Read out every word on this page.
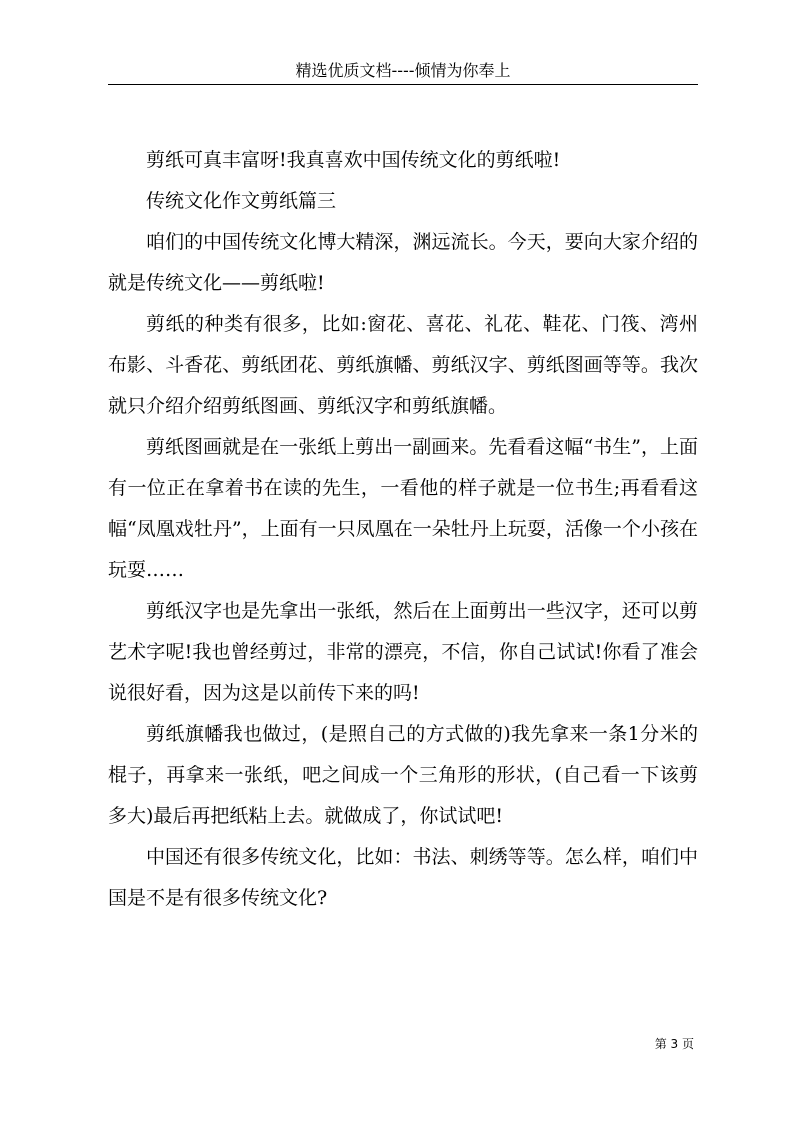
精选优质文档----倾情为你奉上

剪纸可真丰富呀!我真喜欢中国传统文化的剪纸啦!

传统文化作文剪纸篇三

咱们的中国传统文化博大精深，渊远流长。今天，要向大家介绍的就是传统文化——剪纸啦!

剪纸的种类有很多，比如:窗花、喜花、礼花、鞋花、门筏、湾州布影、斗香花、剪纸团花、剪纸旗幡、剪纸汉字、剪纸图画等等。我次就只介绍介绍剪纸图画、剪纸汉字和剪纸旗幡。

剪纸图画就是在一张纸上剪出一副画来。先看看这幅“书生”，上面有一位正在拿着书在读的先生，一看他的样子就是一位书生;再看看这幅“凤凰戏牡丹”，上面有一只凤凰在一朵牡丹上玩耍，活像一个小孩在玩耍……

剪纸汉字也是先拿出一张纸，然后在上面剪出一些汉字，还可以剪艺术字呢!我也曾经剪过，非常的漂亮，不信，你自己试试!你看了准会说很好看，因为这是以前传下来的吗!

剪纸旗幡我也做过，(是照自己的方式做的)我先拿来一条1分米的棍子，再拿来一张纸，吧之间成一个三角形的形状，(自己看一下该剪多大)最后再把纸粘上去。就做成了，你试试吧!

中国还有很多传统文化，比如：书法、刺绣等等。怎么样，咱们中国是不是有很多传统文化?

第 3 页
